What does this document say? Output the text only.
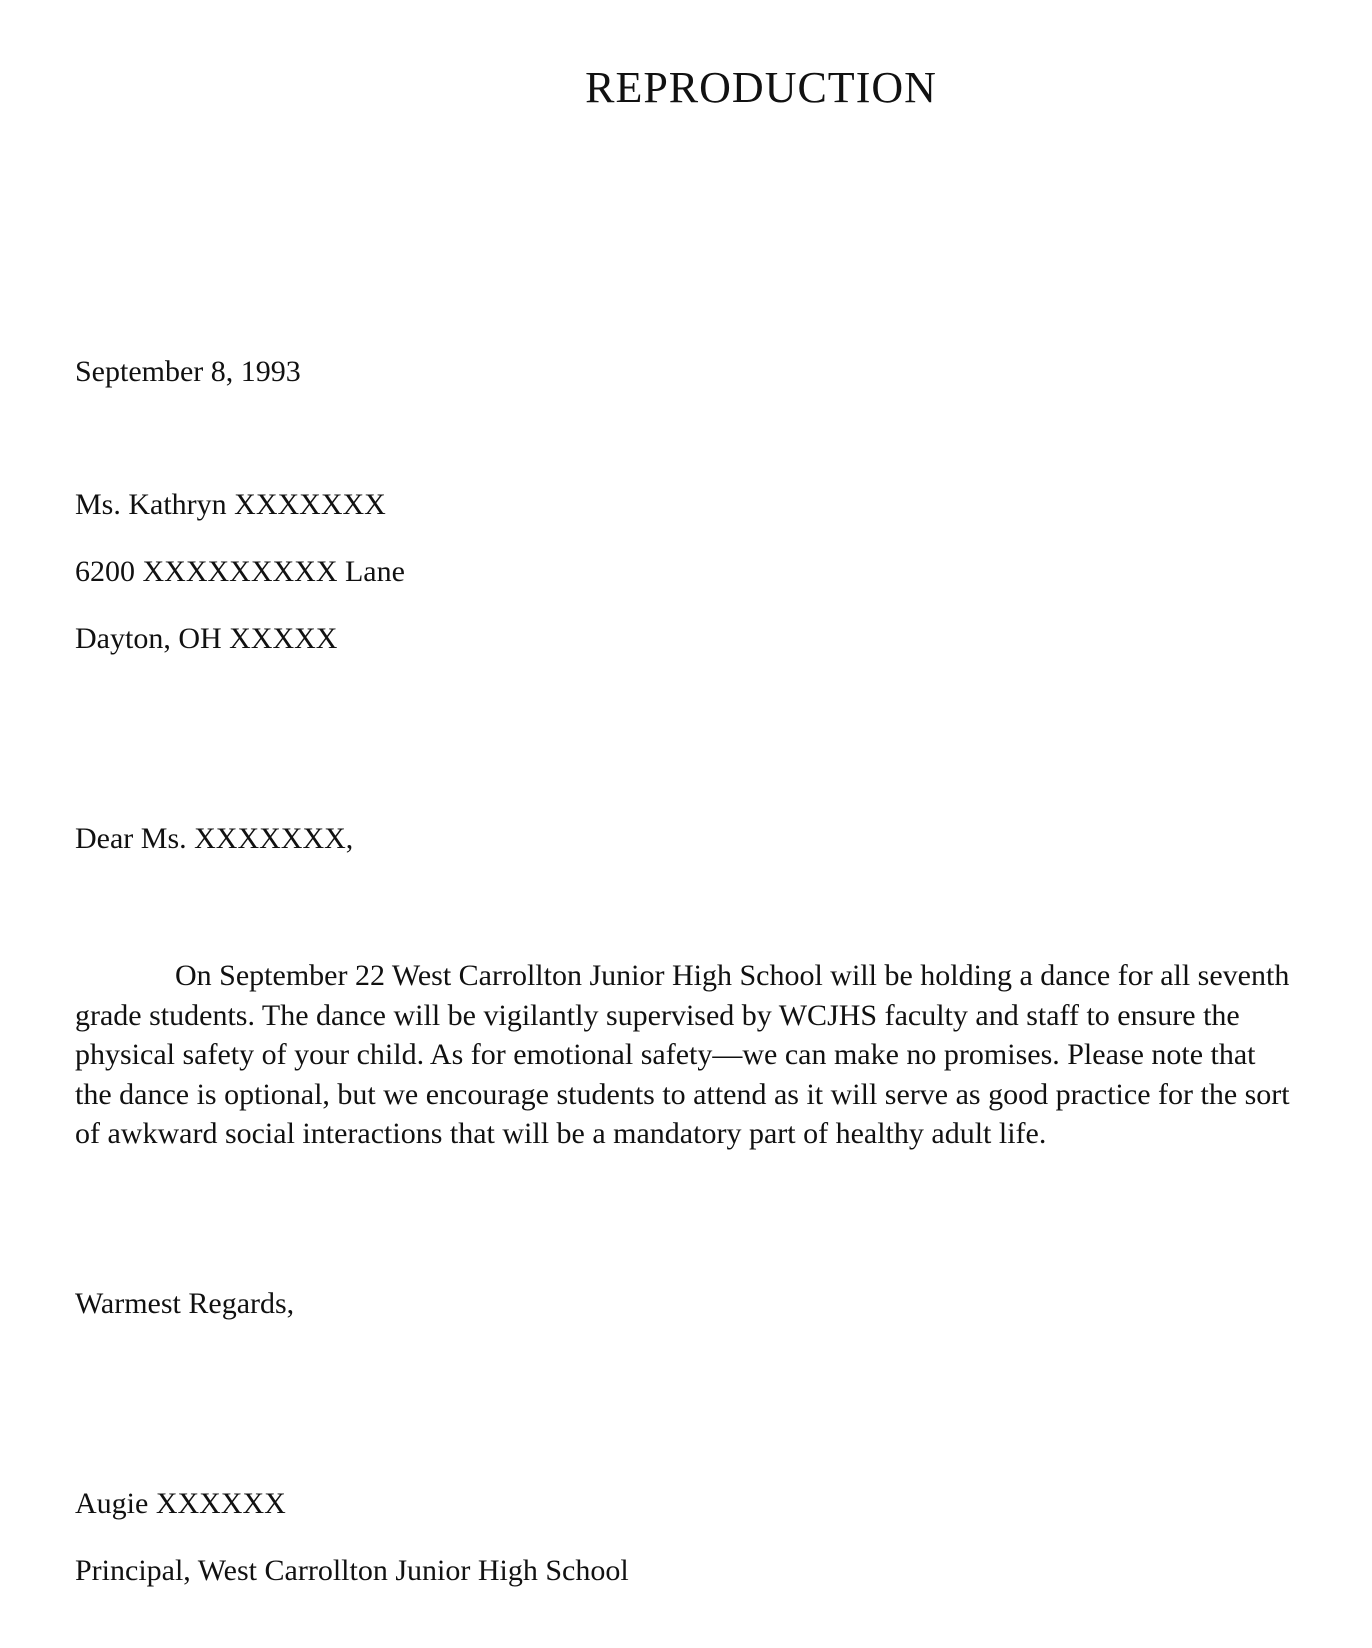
REPRODUCTION
September 8, 1993
Ms. Kathryn XXXXXXX
6200 XXXXXXXXX Lane
Dayton, OH XXXXX
Dear Ms. XXXXXXX,

On September 22 West Carrollton Junior High School will be holding a dance for all seventh grade students. The dance will be vigilantly supervised by WCJHS faculty and staff to ensure the physical safety of your child. As for emotional safety—we can make no promises. Please note that the dance is optional, but we encourage students to attend as it will serve as good practice for the sort of awkward social interactions that will be a mandatory part of healthy adult life.

Warmest Regards,
Augie XXXXXX
Principal, West Carrollton Junior High School
